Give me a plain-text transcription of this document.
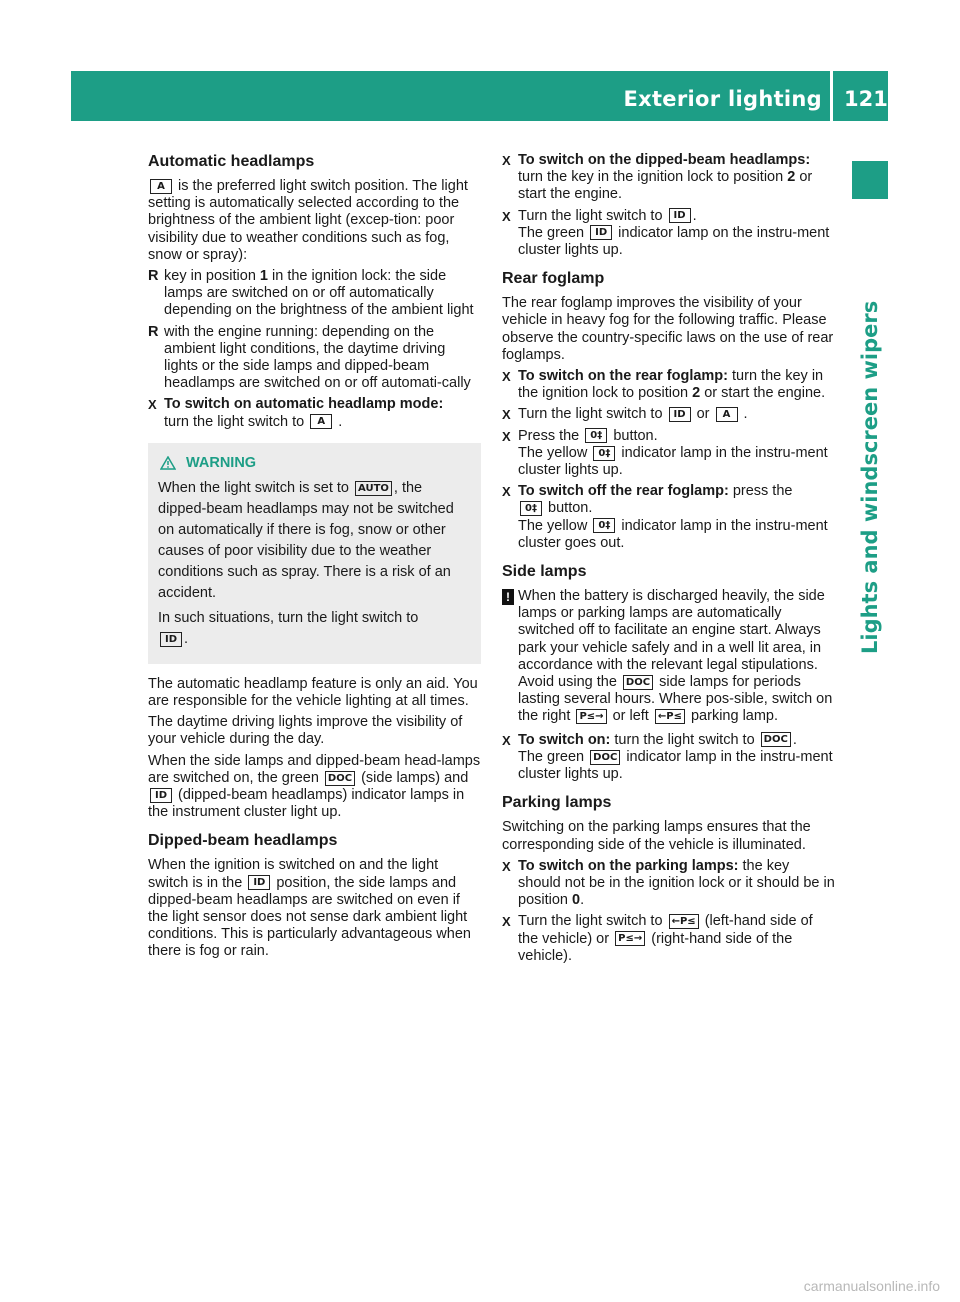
Exterior lighting 121
Lights and windscreen wipers
Automatic headlamps

A is the preferred light switch position. The light setting is automatically selected according to the brightness of the ambient light (excep-tion: poor visibility due to weather conditions such as fog, snow or spray):

R key in position 1 in the ignition lock: the side lamps are switched on or off automatically depending on the brightness of the ambient light
R with the engine running: depending on the ambient light conditions, the daytime driving lights or the side lamps and dipped-beam headlamps are switched on or off automati-cally
X To switch on automatic headlamp mode:
turn the light switch to A .
WARNING

When the light switch is set to AUTO , the dipped-beam headlamps may not be switched on automatically if there is fog, snow or other causes of poor visibility due to the weather conditions such as spray. There is a risk of an accident.

In such situations, turn the light switch to
ID .

The automatic headlamp feature is only an aid. You are responsible for the vehicle lighting at all times.

The daytime driving lights improve the visibility of your vehicle during the day.

When the side lamps and dipped-beam head-lamps are switched on, the green DOC (side lamps) and ID (dipped-beam headlamps) indicator lamps in the instrument cluster light up.

Dipped-beam headlamps

When the ignition is switched on and the light switch is in the ID position, the side lamps and dipped-beam headlamps are switched on even if the light sensor does not sense dark ambient light conditions. This is particularly advantageous when there is fog or rain.

X To switch on the dipped-beam headlamps:
turn the key in the ignition lock to position 2 or start the engine.
X Turn the light switch to ID .
The green ID indicator lamp on the instru-ment cluster lights up.
Rear foglamp

The rear foglamp improves the visibility of your vehicle in heavy fog for the following traffic. Please observe the country-specific laws on the use of rear foglamps.

X To switch on the rear foglamp: turn the key in the ignition lock to position 2 or start the engine.
X Turn the light switch to ID or A .
X Press the 0‡ button.
The yellow 0‡ indicator lamp in the instru-ment cluster lights up.
X To switch off the rear foglamp: press the
0‡ button.
The yellow 0‡ indicator lamp in the instru-ment cluster goes out.
Side lamps
! When the battery is discharged heavily, the side lamps or parking lamps are automatically switched off to facilitate an engine start. Always park your vehicle safely and in a well lit area, in accordance with the relevant legal stipulations. Avoid using the DOC side lamps for periods lasting several hours. Where pos-sible, switch on the right P≤→ or left ←P≤ parking lamp.
X To switch on: turn the light switch to DOC .
The green DOC indicator lamp in the instru-ment cluster lights up.
Parking lamps

Switching on the parking lamps ensures that the corresponding side of the vehicle is illuminated.

X To switch on the parking lamps: the key should not be in the ignition lock or it should be in position 0.
X Turn the light switch to ←P≤ (left-hand side of the vehicle) or P≤→ (right-hand side of the vehicle).
carmanualsonline.info
